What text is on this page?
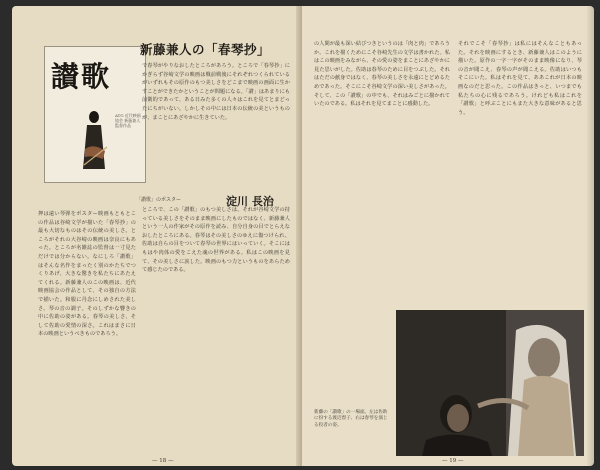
讃歌
ATG 近代映画協会 新藤兼人監督作品
新藤兼人の「春琴抄」
「讃歌」のポスター	淀川 長治
押は遠い琴弾をポスター映画もともとこの作品は谷崎文学が描いた「春琴抄」の最も大切なものはその伝統の美しさ。ところがそれの大谷崎の映画は奈良にもあった。ところが名雑誌の監督は一寸見ただけでは分からない。なにしろ「讃歌」はそんな名作をまったく別のかたちでつくりあげ、大きな驚きを私たちにあたえてくれる。新藤兼人のこの映画は、近代映画協会の作品として、その独自の方法で描いた。和服に丹念にしめされた美しさ。琴の音の調子。そのしずかな響きの中に佐助の姿がある。春琴の美しさ、そして佐助の愛情の深さ。これはまさに日本の映画というべきものであろう。
で春琴がやりなおしたところがあろう。ところで「春琴抄」にかぎらず谷崎文学の映画は戦前戦後にそれぞれつくられているがいずれもその原作のもつ美しさをどこまで映画の画面に生かすことができたかということが問題になる。「讃」はあまりにも前衛的であって、ある日みた多くの人々はこれを見てとまどったにちがいない。しかしその中には日本の伝統の美というものが、まことにあざやかに生きていた。
ところで、この「讃歌」のもつ美しさは、それが谷崎文学の持っている美しさをそのまま映画にしたものではなく、新藤兼人という一人の作家がその原作を読み、自分自身の目でとらえなおしたところにある。春琴はその美しさのゆえに傷つけられ、佐助は自らの目をついて春琴の世界にはいっていく。そこにはもはや肉体の愛をこえた魂の世界がある。私はこの映画を見て、その美しさに涙した。映画のもつ力というものをあらためて感じたのである。
— 18 —
の人間が最も深い結びつきというのは「肉と肉」であろうか。これを描くためにこそ谷崎先生の文学は書かれた。私はこの映画をみながら、その愛の姿をまことにあざやかに見た思いがした。佐助は春琴のために目をつぶした。それはただの献身ではなく、春琴の美しさを永遠にとどめるためであった。そこにこそ谷崎文学の深い美しさがあった。そして、この「讃歌」の中でも、それはみごとに描かれていたのである。私はそれを見てまことに感動した。
それでこそ「春琴抄」は私にはそんなこともあった。それを映画にするとき、新藤兼人はこのように描いた。原作の一字一字がそのまま映像になり、琴の音が聞こえ、春琴の声が聞こえる。佐助はいつもそこにいた。私はそれを見て、ああこれが日本の映画なのだと思った。この作品はきっと、いつまでも私たちの心に残るであろう。けれども私はこれを「讃歌」と呼ぶことにもまた大きな意味があると思う。
新藤の「讃歌」の一場面。左は佐助に扮する渡辺督子、右は春琴を演じる役者の姿。
— 19 —
